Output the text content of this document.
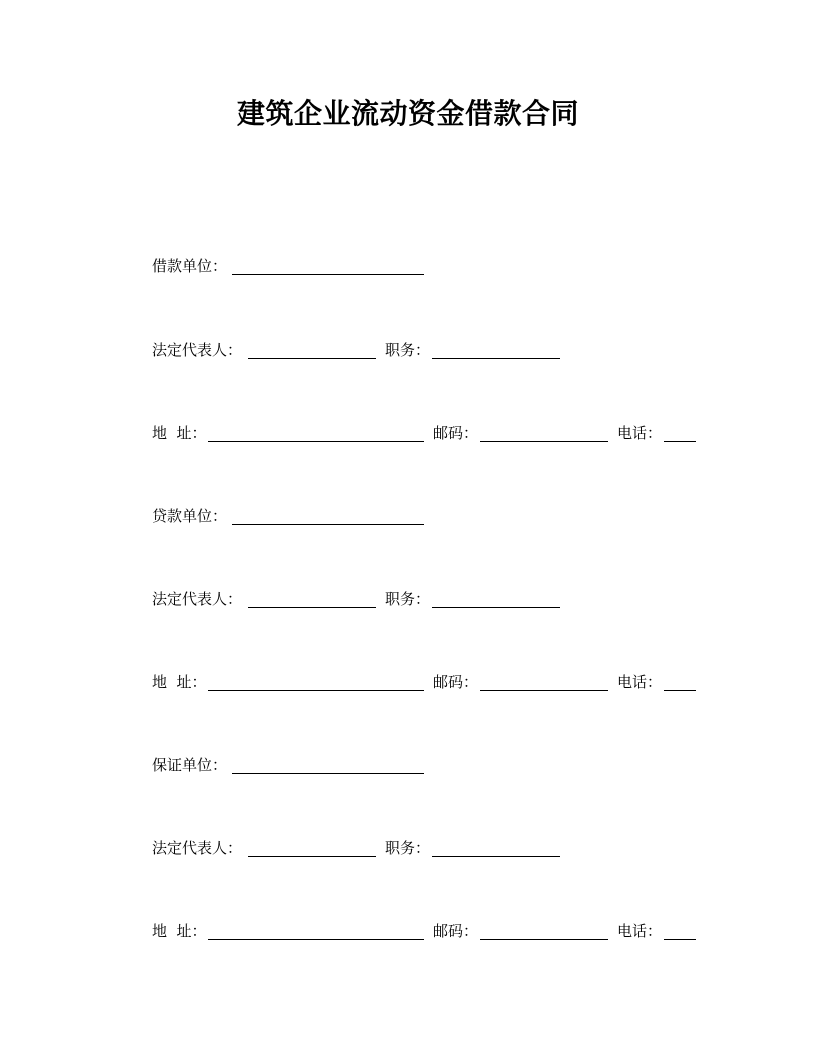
建筑企业流动资金借款合同
借款单位：
法定代表人：	职务：
地  址：	邮码：	电话：
贷款单位：
法定代表人：	职务：
地  址：	邮码：	电话：
保证单位：
法定代表人：	职务：
地  址：	邮码：	电话：
